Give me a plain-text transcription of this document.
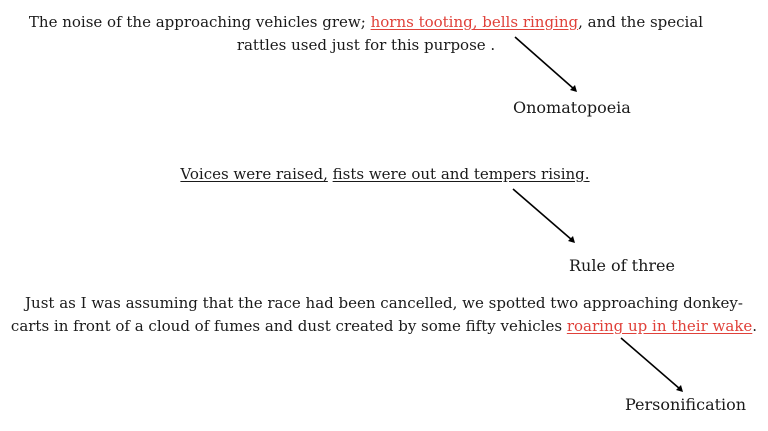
The noise of the approaching vehicles grew; horns tooting, bells ringing, and the special rattles used just for this purpose .

Onomatopoeia

Voices were raised, fists were out and tempers rising.

Rule of three

Just as I was assuming that the race had been cancelled, we spotted two approaching donkey-carts in front of a cloud of fumes and dust created by some fifty vehicles roaring up in their wake.

Personification
